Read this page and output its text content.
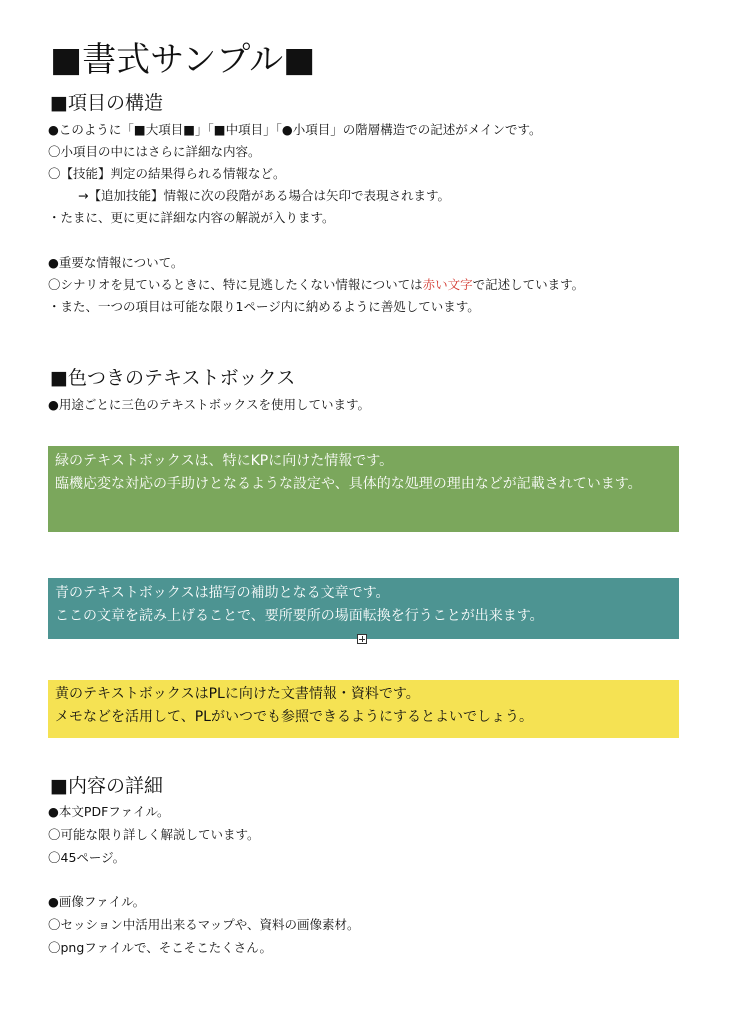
■書式サンプル■
■項目の構造
●このように「■大項目■」「■中項目」「●小項目」の階層構造での記述がメインです。
〇小項目の中にはさらに詳細な内容。
〇【技能】判定の結果得られる情報など。
→【追加技能】情報に次の段階がある場合は矢印で表現されます。
・たまに、更に更に詳細な内容の解説が入ります。
●重要な情報について。
〇シナリオを見ているときに、特に見逃したくない情報については赤い文字で記述しています。
・また、一つの項目は可能な限り1ページ内に納めるように善処しています。
■色つきのテキストボックス
●用途ごとに三色のテキストボックスを使用しています。

緑のテキストボックスは、特にKPに向けた情報です。

臨機応変な対応の手助けとなるような設定や、具体的な処理の理由などが記載されています。

青のテキストボックスは描写の補助となる文章です。

ここの文章を読み上げることで、要所要所の場面転換を行うことが出来ます。

黄のテキストボックスはPLに向けた文書情報・資料です。

メモなどを活用して、PLがいつでも参照できるようにするとよいでしょう。

■内容の詳細
●本文PDFファイル。
〇可能な限り詳しく解説しています。
〇45ページ。
●画像ファイル。
〇セッション中活用出来るマップや、資料の画像素材。
〇pngファイルで、そこそこたくさん。
